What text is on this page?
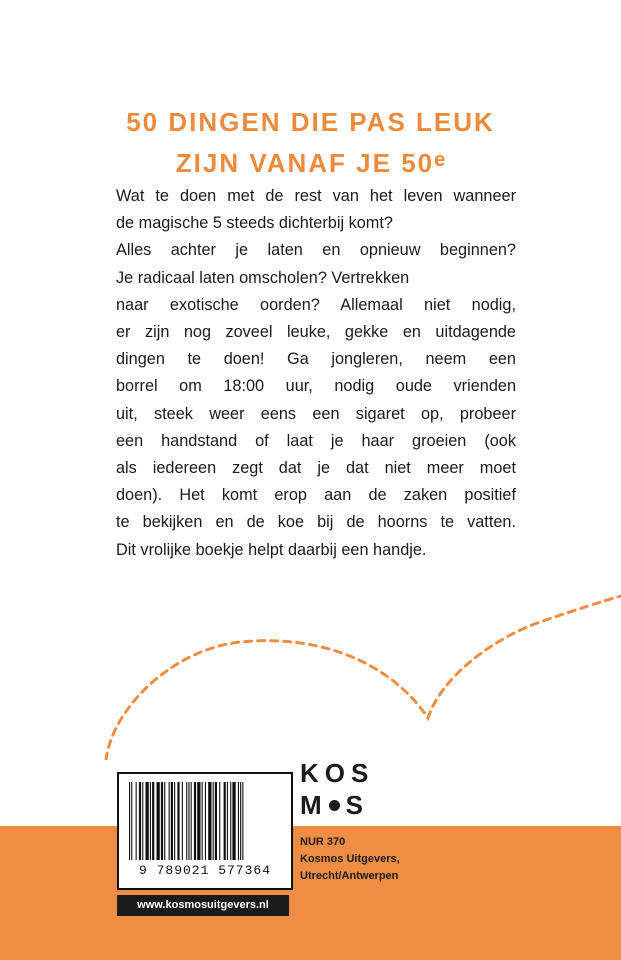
50 DINGEN DIE PAS LEUK
ZIJN VANAF JE 50e
Wat te doen met de rest van het leven wanneer
de magische 5 steeds dichterbij komt?
Alles achter je laten en opnieuw beginnen?
Je radicaal laten omscholen? Vertrekken
naar exotische oorden? Allemaal niet nodig,
er zijn nog zoveel leuke, gekke en uitdagende
dingen te doen! Ga jongleren, neem een
borrel om 18:00 uur, nodig oude vrienden
uit, steek weer eens een sigaret op, probeer
een handstand of laat je haar groeien (ook
als iedereen zegt dat je dat niet meer moet
doen). Het komt erop aan de zaken positief
te bekijken en de koe bij de hoorns te vatten.
Dit vrolijke boekje helpt daarbij een handje.
9 789021 577364
www.kosmosuitgevers.nl
KOS
M S
NUR 370
Kosmos Uitgevers,
Utrecht/Antwerpen
